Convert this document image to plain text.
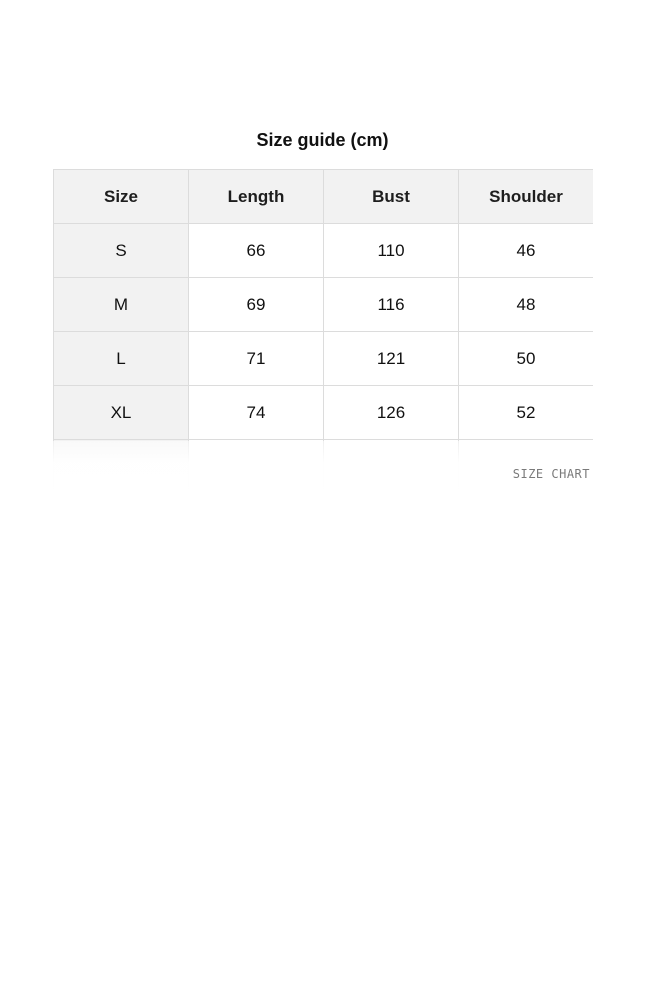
Size guide (cm)
Size	Length	Bust	Shoulder
S	66	110	46
M	69	116	48
L	71	121	50
XL	74	126	52

SIZE CHART
